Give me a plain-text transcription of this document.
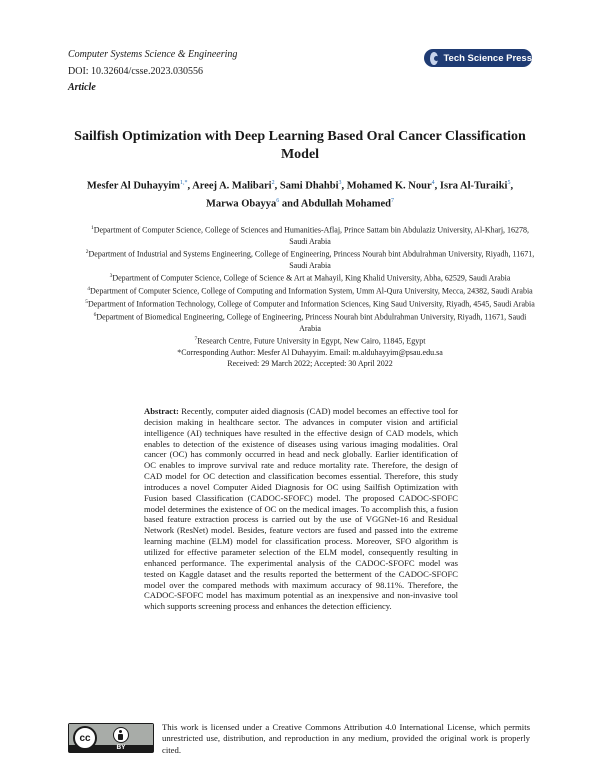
Computer Systems Science & Engineering
DOI: 10.32604/csse.2023.030556
Article
Tech Science Press
Sailfish Optimization with Deep Learning Based Oral Cancer Classification Model
Mesfer Al Duhayyim$^{1,*}$, Areej A. Malibari$^2$, Sami Dhahbi$^3$, Mohamed K. Nour$^4$, Isra Al-Turaiki$^5$,
Marwa Obayya$^6$ and Abdullah Mohamed$^7$
$^1$Department of Computer Science, College of Sciences and Humanities-Aflaj, Prince Sattam bin Abdulaziz University, Al-Kharj, 16278, Saudi Arabia
$^2$Department of Industrial and Systems Engineering, College of Engineering, Princess Nourah bint Abdulrahman University, Riyadh, 11671, Saudi Arabia
$^3$Department of Computer Science, College of Science & Art at Mahayil, King Khalid University, Abha, 62529, Saudi Arabia
$^4$Department of Computer Science, College of Computing and Information System, Umm Al-Qura University, Mecca, 24382, Saudi Arabia
$^5$Department of Information Technology, College of Computer and Information Sciences, King Saud University, Riyadh, 4545, Saudi Arabia
$^6$Department of Biomedical Engineering, College of Engineering, Princess Nourah bint Abdulrahman University, Riyadh, 11671, Saudi Arabia
$^7$Research Centre, Future University in Egypt, New Cairo, 11845, Egypt
*Corresponding Author: Mesfer Al Duhayyim. Email: m.alduhayyim@psau.edu.sa
Received: 29 March 2022; Accepted: 30 April 2022
Abstract: Recently, computer aided diagnosis (CAD) model becomes an effective tool for decision making in healthcare sector. The advances in computer vision and artificial intelligence (AI) techniques have resulted in the effective design of CAD models, which enables to detection of the existence of diseases using various imaging modalities. Oral cancer (OC) has commonly occurred in head and neck globally. Earlier identification of OC enables to improve survival rate and reduce mortality rate. Therefore, the design of CAD model for OC detection and classification becomes essential. Therefore, this study introduces a novel Computer Aided Diagnosis for OC using Sailfish Optimization with Fusion based Classification (CADOC-SFOFC) model. The proposed CADOC-SFOFC model determines the existence of OC on the medical images. To accomplish this, a fusion based feature extraction process is carried out by the use of VGGNet-16 and Residual Network (ResNet) model. Besides, feature vectors are fused and passed into the extreme learning machine (ELM) model for classification process. Moreover, SFO algorithm is utilized for effective parameter selection of the ELM model, consequently resulting in enhanced performance. The experimental analysis of the CADOC-SFOFC model was tested on Kaggle dataset and the results reported the betterment of the CADOC-SFOFC model over the compared methods with maximum accuracy of 98.11%. Therefore, the CADOC-SFOFC model has maximum potential as an inexpensive and non-invasive tool which supports screening process and enhances the detection efficiency.
cc
BY
This work is licensed under a Creative Commons Attribution 4.0 International License, which permits unrestricted use, distribution, and reproduction in any medium, provided the original work is properly cited.
